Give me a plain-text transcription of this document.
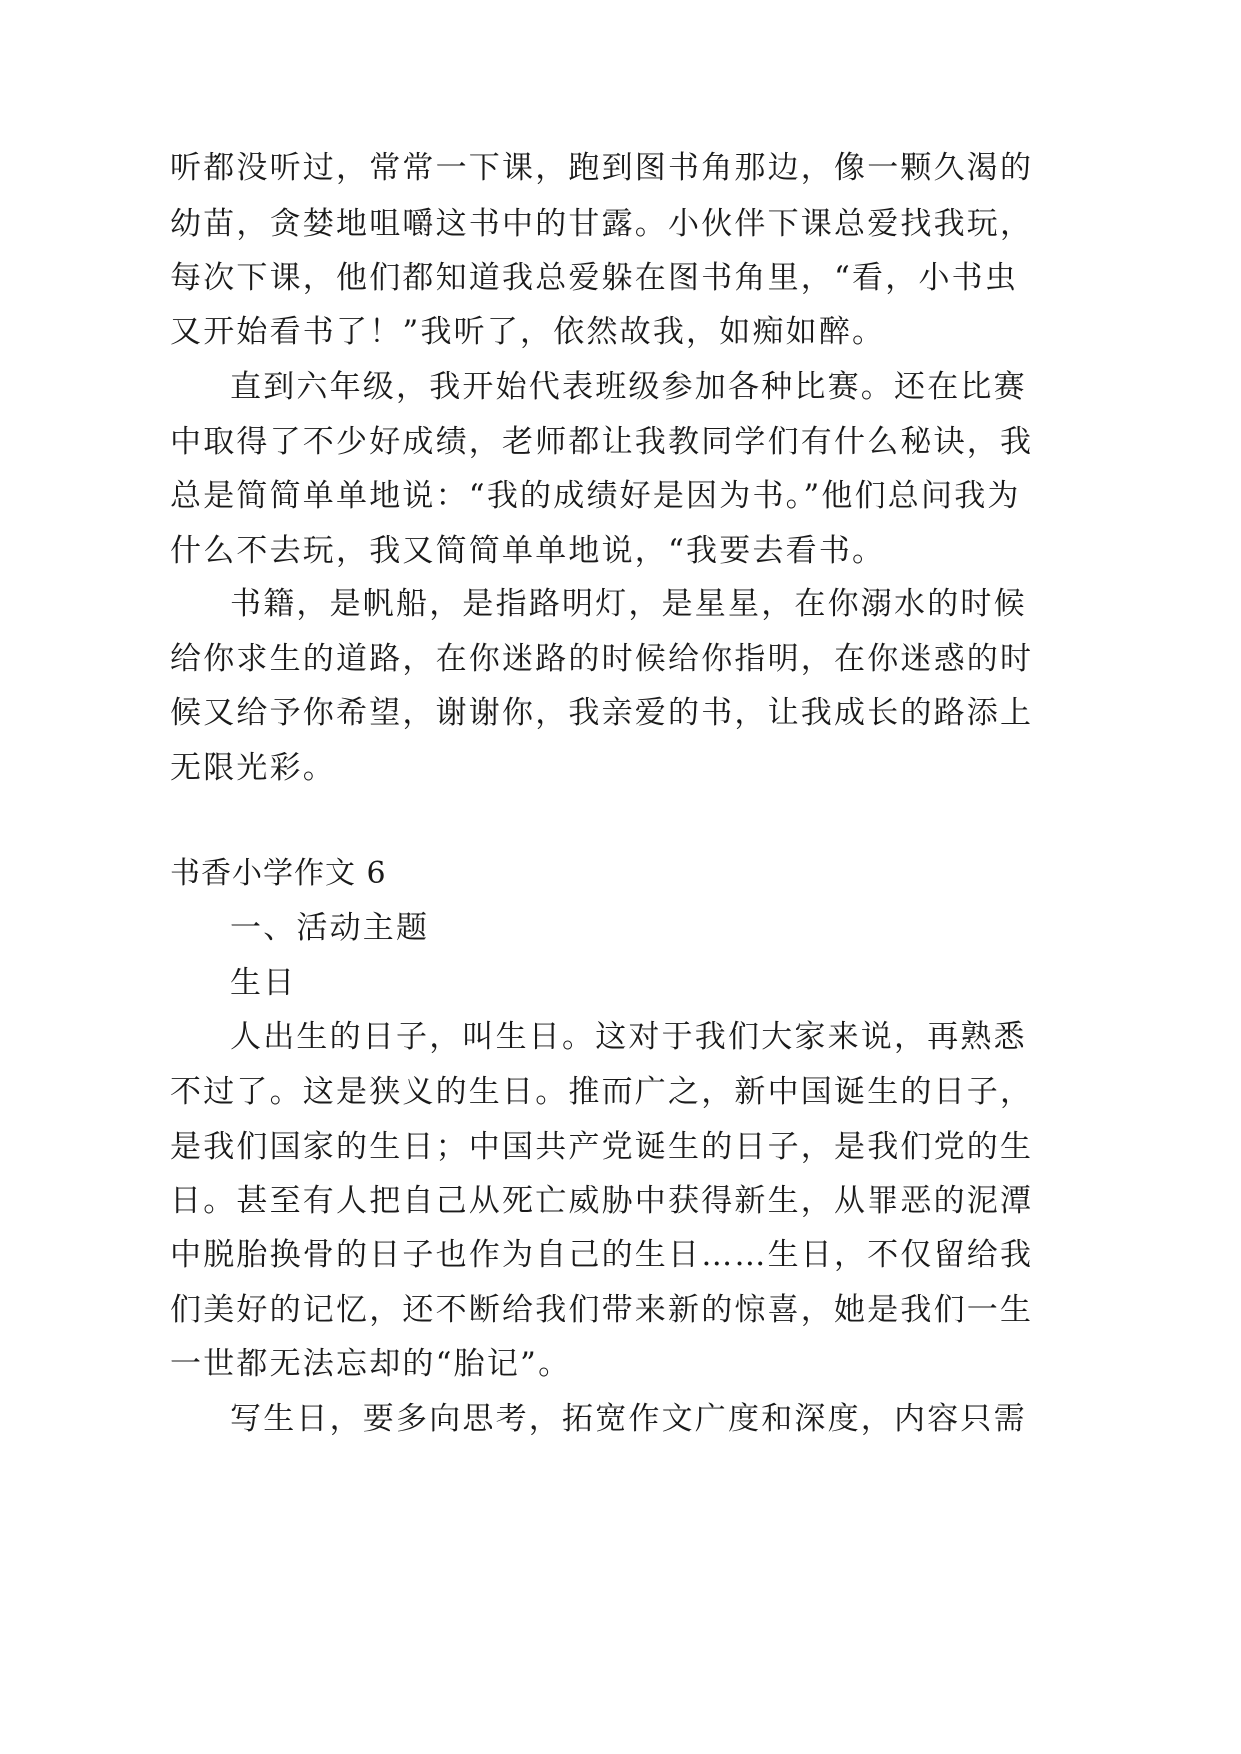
听都没听过，常常一下课，跑到图书角那边，像一颗久渴的
幼苗，贪婪地咀嚼这书中的甘露。小伙伴下课总爱找我玩，
每次下课，他们都知道我总爱躲在图书角里，“看，小书虫
又开始看书了！”我听了，依然故我，如痴如醉。
直到六年级，我开始代表班级参加各种比赛。还在比赛
中取得了不少好成绩，老师都让我教同学们有什么秘诀，我
总是简简单单地说：“我的成绩好是因为书。”他们总问我为
什么不去玩，我又简简单单地说，“我要去看书。
书籍，是帆船，是指路明灯，是星星，在你溺水的时候
给你求生的道路，在你迷路的时候给你指明，在你迷惑的时
候又给予你希望，谢谢你，我亲爱的书，让我成长的路添上
无限光彩。
书香小学作文 6
一、活动主题
生日
人出生的日子，叫生日。这对于我们大家来说，再熟悉
不过了。这是狭义的生日。推而广之，新中国诞生的日子，
是我们国家的生日；中国共产党诞生的日子，是我们党的生
日。甚至有人把自己从死亡威胁中获得新生，从罪恶的泥潭
中脱胎换骨的日子也作为自己的生日……生日，不仅留给我
们美好的记忆，还不断给我们带来新的惊喜，她是我们一生
一世都无法忘却的“胎记”。
写生日，要多向思考，拓宽作文广度和深度，内容只需
